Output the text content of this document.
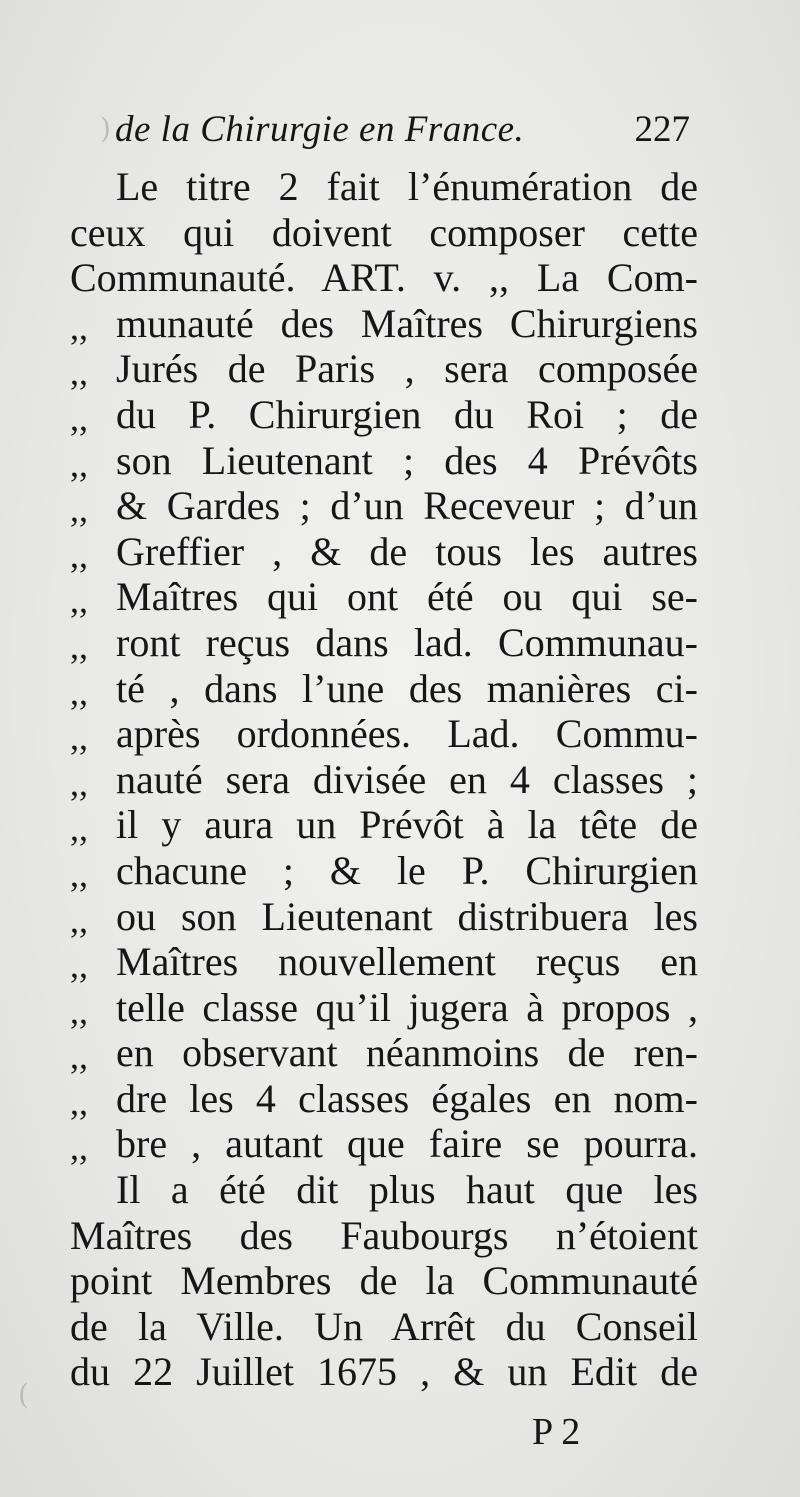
(
) de la Chirurgie en France.	227
Le titre 2 fait l’énumération de
ceux qui doivent composer cette
Communauté. ART. v. ,, La Com-
,, munauté des Maîtres Chirurgiens
,, Jurés de Paris , sera composée
,, du P. Chirurgien du Roi ; de
,, son Lieutenant ; des 4 Prévôts
,, & Gardes ; d’un Receveur ; d’un
,, Greffier , & de tous les autres
,, Maîtres qui ont été ou qui se-
,, ront reçus dans lad. Communau-
,, té , dans l’une des manières ci-
,, après ordonnées. Lad. Commu-
,, nauté sera divisée en 4 classes ;
,, il y aura un Prévôt à la tête de
,, chacune ; & le P. Chirurgien
,, ou son Lieutenant distribuera les
,, Maîtres nouvellement reçus en
,, telle classe qu’il jugera à propos ,
,, en observant néanmoins de ren-
,, dre les 4 classes égales en nom-
,, bre , autant que faire se pourra.
Il a été dit plus haut que les
Maîtres des Faubourgs n’étoient
point Membres de la Communauté
de la Ville. Un Arrêt du Conseil
du 22 Juillet 1675 , & un Edit de
P 2
